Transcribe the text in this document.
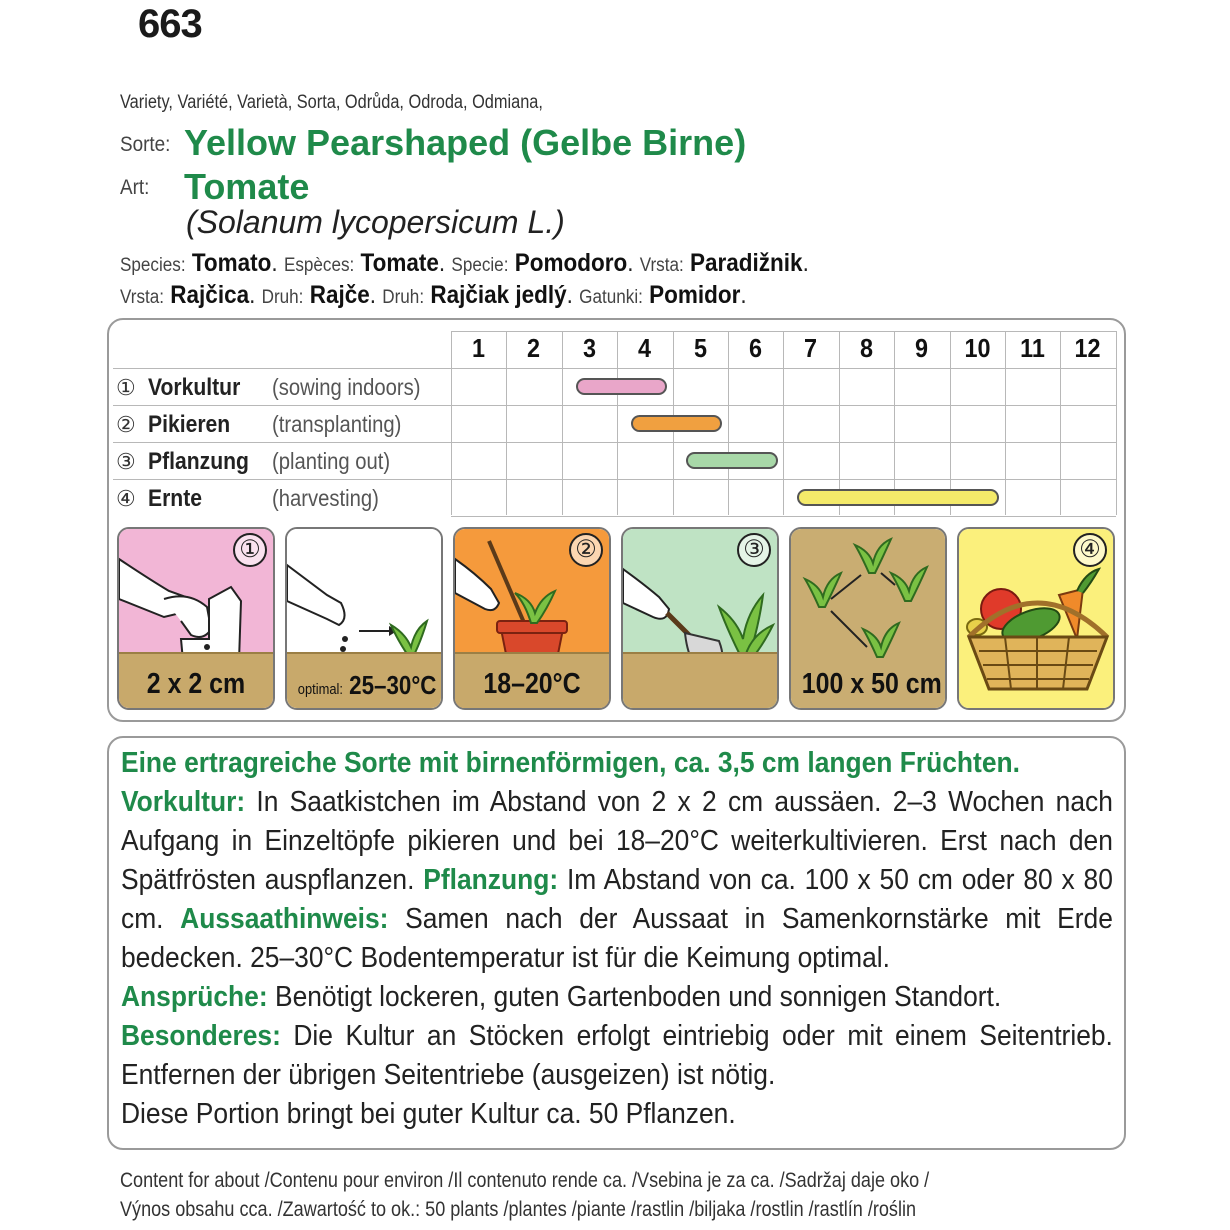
663
Variety, Variété, Varietà, Sorta, Odrůda, Odroda, Odmiana,
Sorte: Yellow Pearshaped (Gelbe Birne)
Art: Tomate
(Solanum lycopersicum L.)
Species: Tomato. Espèces: Tomate. Specie: Pomodoro. Vrsta: Paradižnik.
Vrsta: Rajčica. Druh: Rajče. Druh: Rajčiak jedlý. Gatunki: Pomidor.
1	2	3	4	5	6	7	8	9	10	11	12
① Vorkultur (sowing indoors)
② Pikieren (transplanting)
③ Pflanzung (planting out)
④ Ernte	(harvesting)
①
2 x 2 cm	optimal: 25–30°C
②
18–20°C
③
100 x 50 cm
④
Eine ertragreiche Sorte mit birnenförmigen, ca. 3,5 cm langen Früchten.
Vorkultur: In Saatkistchen im Abstand von 2 x 2 cm aussäen. 2–3 Wochen nach Aufgang in Einzeltöpfe pikieren und bei 18–20°C weiterkultivieren. Erst nach den Spätfrösten auspflanzen. Pflanzung: Im Abstand von ca. 100 x 50 cm oder 80 x 80 cm. Aussaathinweis: Samen nach der Aussaat in Samenkornstärke mit Erde bedecken. 25–30°C Bodentemperatur ist für die Keimung optimal.
Ansprüche: Benötigt lockeren, guten Gartenboden und sonnigen Standort.
Besonderes: Die Kultur an Stöcken erfolgt eintriebig oder mit einem Seitentrieb. Entfernen der übrigen Seitentriebe (ausgeizen) ist nötig.
Diese Portion bringt bei guter Kultur ca. 50 Pflanzen.
Content for about /Contenu pour environ /Il contenuto rende ca. /Vsebina je za ca. /Sadržaj daje oko /
Výnos obsahu cca. /Zawartość to ok.: 50 plants /plantes /piante /rastlin /biljaka /rostlin /rastlín /roślin
